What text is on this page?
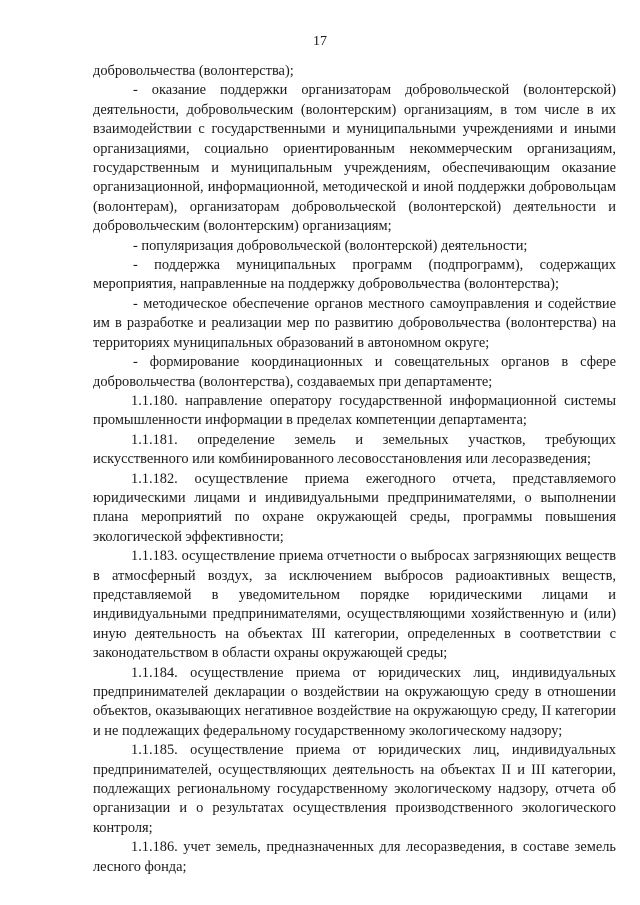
17

добровольчества (волонтерства);

- оказание поддержки организаторам добровольческой (волонтерской) деятельности, добровольческим (волонтерским) организациям, в том числе в их взаимодействии с государственными и муниципальными учреждениями и иными организациями, социально ориентированным некоммерческим организациям, государственным и муниципальным учреждениям, обеспечивающим оказание организационной, информационной, методической и иной поддержки добровольцам (волонтерам), организаторам добровольческой (волонтерской) деятельности и добровольческим (волонтерским) организациям;

- популяризация добровольческой (волонтерской) деятельности;

- поддержка муниципальных программ (подпрограмм), содержащих мероприятия, направленные на поддержку добровольчества (волонтерства);

- методическое обеспечение органов местного самоуправления и содействие им в разработке и реализации мер по развитию добровольчества (волонтерства) на территориях муниципальных образований в автономном округе;

- формирование координационных и совещательных органов в сфере добровольчества (волонтерства), создаваемых при департаменте;

1.1.180. направление оператору государственной информационной системы промышленности информации в пределах компетенции департамента;

1.1.181. определение земель и земельных участков, требующих искусственного или комбинированного лесовосстановления или лесоразведения;

1.1.182. осуществление приема ежегодного отчета, представляемого юридическими лицами и индивидуальными предпринимателями, о выполнении плана мероприятий по охране окружающей среды, программы повышения экологической эффективности;

1.1.183. осуществление приема отчетности о выбросах загрязняющих веществ в атмосферный воздух, за исключением выбросов радиоактивных веществ, представляемой в уведомительном порядке юридическими лицами и индивидуальными предпринимателями, осуществляющими хозяйственную и (или) иную деятельность на объектах III категории, определенных в соответствии с законодательством в области охраны окружающей среды;

1.1.184. осуществление приема от юридических лиц, индивидуальных предпринимателей декларации о воздействии на окружающую среду в отношении объектов, оказывающих негативное воздействие на окружающую среду, II категории и не подлежащих федеральному государственному экологическому надзору;

1.1.185. осуществление приема от юридических лиц, индивидуальных предпринимателей, осуществляющих деятельность на объектах II и III категории, подлежащих региональному государственному экологическому надзору, отчета об организации и о результатах осуществления производственного экологического контроля;

1.1.186. учет земель, предназначенных для лесоразведения, в составе земель лесного фонда;
